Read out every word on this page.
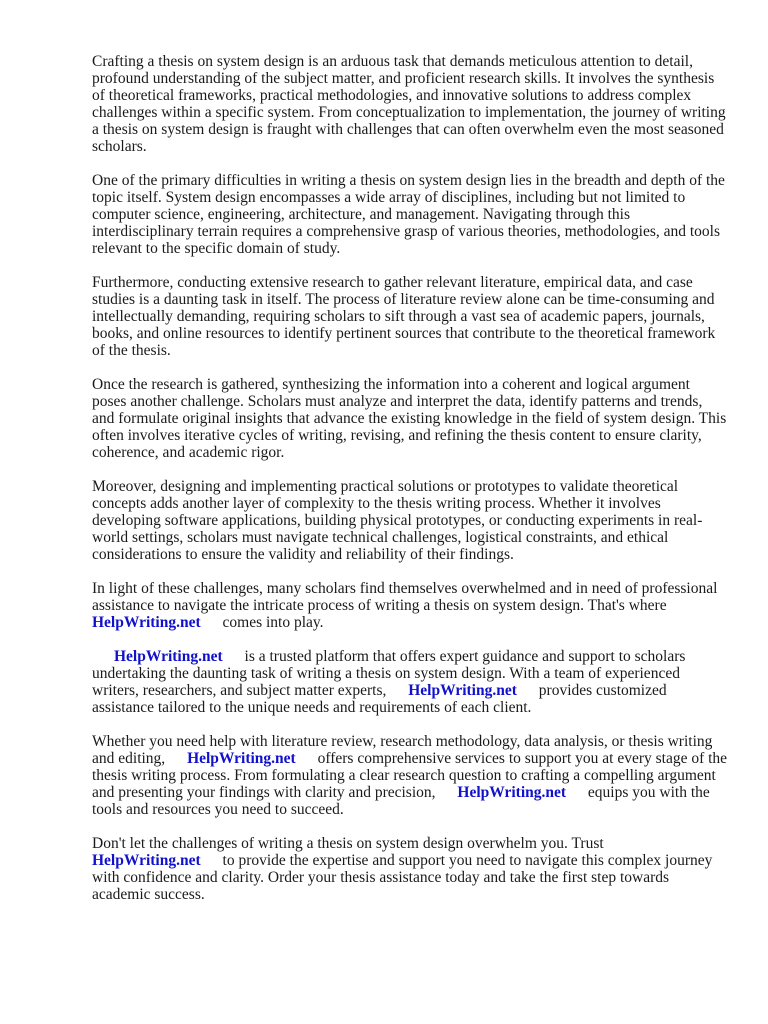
Crafting a thesis on system design is an arduous task that demands meticulous attention to detail, profound understanding of the subject matter, and proficient research skills. It involves the synthesis of theoretical frameworks, practical methodologies, and innovative solutions to address complex challenges within a specific system. From conceptualization to implementation, the journey of writing a thesis on system design is fraught with challenges that can often overwhelm even the most seasoned scholars.

One of the primary difficulties in writing a thesis on system design lies in the breadth and depth of the topic itself. System design encompasses a wide array of disciplines, including but not limited to computer science, engineering, architecture, and management. Navigating through this interdisciplinary terrain requires a comprehensive grasp of various theories, methodologies, and tools relevant to the specific domain of study.

Furthermore, conducting extensive research to gather relevant literature, empirical data, and case studies is a daunting task in itself. The process of literature review alone can be time-consuming and intellectually demanding, requiring scholars to sift through a vast sea of academic papers, journals, books, and online resources to identify pertinent sources that contribute to the theoretical framework of the thesis.

Once the research is gathered, synthesizing the information into a coherent and logical argument poses another challenge. Scholars must analyze and interpret the data, identify patterns and trends, and formulate original insights that advance the existing knowledge in the field of system design. This often involves iterative cycles of writing, revising, and refining the thesis content to ensure clarity, coherence, and academic rigor.

Moreover, designing and implementing practical solutions or prototypes to validate theoretical concepts adds another layer of complexity to the thesis writing process. Whether it involves developing software applications, building physical prototypes, or conducting experiments in real-world settings, scholars must navigate technical challenges, logistical constraints, and ethical considerations to ensure the validity and reliability of their findings.

In light of these challenges, many scholars find themselves overwhelmed and in need of professional assistance to navigate the intricate process of writing a thesis on system design. That's where
HelpWriting.net comes into play.

HelpWriting.net is a trusted platform that offers expert guidance and support to scholars undertaking the daunting task of writing a thesis on system design. With a team of experienced writers, researchers, and subject matter experts, HelpWriting.net provides customized assistance tailored to the unique needs and requirements of each client.

Whether you need help with literature review, research methodology, data analysis, or thesis writing and editing, HelpWriting.net offers comprehensive services to support you at every stage of the thesis writing process. From formulating a clear research question to crafting a compelling argument and presenting your findings with clarity and precision, HelpWriting.net equips you with the tools and resources you need to succeed.

Don't let the challenges of writing a thesis on system design overwhelm you. Trust
HelpWriting.net to provide the expertise and support you need to navigate this complex journey with confidence and clarity. Order your thesis assistance today and take the first step towards academic success.
